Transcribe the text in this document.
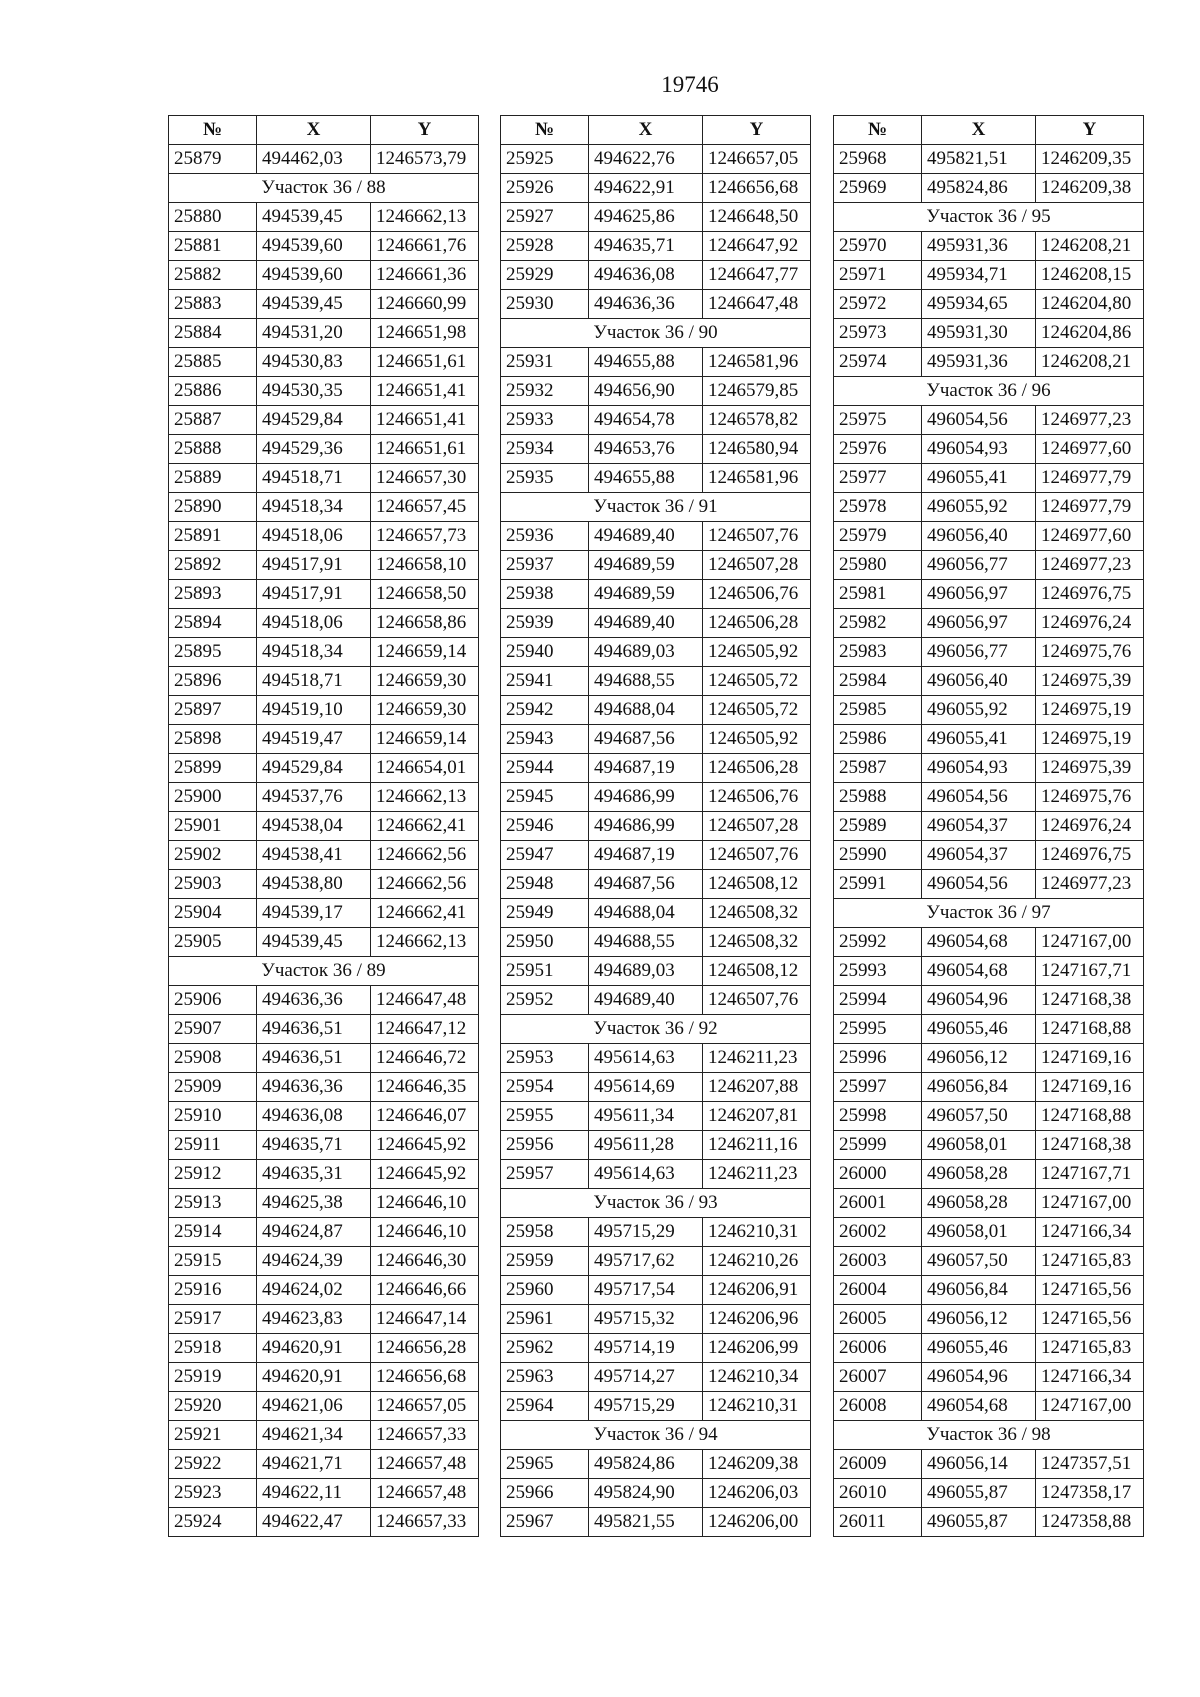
19746
№	X	Y
25879	494462,03	1246573,79
Участок 36 / 88		
25880	494539,45	1246662,13
25881	494539,60	1246661,76
25882	494539,60	1246661,36
25883	494539,45	1246660,99
25884	494531,20	1246651,98
25885	494530,83	1246651,61
25886	494530,35	1246651,41
25887	494529,84	1246651,41
25888	494529,36	1246651,61
25889	494518,71	1246657,30
25890	494518,34	1246657,45
25891	494518,06	1246657,73
25892	494517,91	1246658,10
25893	494517,91	1246658,50
25894	494518,06	1246658,86
25895	494518,34	1246659,14
25896	494518,71	1246659,30
25897	494519,10	1246659,30
25898	494519,47	1246659,14
25899	494529,84	1246654,01
25900	494537,76	1246662,13
25901	494538,04	1246662,41
25902	494538,41	1246662,56
25903	494538,80	1246662,56
25904	494539,17	1246662,41
25905	494539,45	1246662,13
Участок 36 / 89		
25906	494636,36	1246647,48
25907	494636,51	1246647,12
25908	494636,51	1246646,72
25909	494636,36	1246646,35
25910	494636,08	1246646,07
25911	494635,71	1246645,92
25912	494635,31	1246645,92
25913	494625,38	1246646,10
25914	494624,87	1246646,10
25915	494624,39	1246646,30
25916	494624,02	1246646,66
25917	494623,83	1246647,14
25918	494620,91	1246656,28
25919	494620,91	1246656,68
25920	494621,06	1246657,05
25921	494621,34	1246657,33
25922	494621,71	1246657,48
25923	494622,11	1246657,48
25924	494622,47	1246657,33
№	X	Y
25925	494622,76	1246657,05
25926	494622,91	1246656,68
25927	494625,86	1246648,50
25928	494635,71	1246647,92
25929	494636,08	1246647,77
25930	494636,36	1246647,48
Участок 36 / 90		
25931	494655,88	1246581,96
25932	494656,90	1246579,85
25933	494654,78	1246578,82
25934	494653,76	1246580,94
25935	494655,88	1246581,96
Участок 36 / 91		
25936	494689,40	1246507,76
25937	494689,59	1246507,28
25938	494689,59	1246506,76
25939	494689,40	1246506,28
25940	494689,03	1246505,92
25941	494688,55	1246505,72
25942	494688,04	1246505,72
25943	494687,56	1246505,92
25944	494687,19	1246506,28
25945	494686,99	1246506,76
25946	494686,99	1246507,28
25947	494687,19	1246507,76
25948	494687,56	1246508,12
25949	494688,04	1246508,32
25950	494688,55	1246508,32
25951	494689,03	1246508,12
25952	494689,40	1246507,76
Участок 36 / 92		
25953	495614,63	1246211,23
25954	495614,69	1246207,88
25955	495611,34	1246207,81
25956	495611,28	1246211,16
25957	495614,63	1246211,23
Участок 36 / 93		
25958	495715,29	1246210,31
25959	495717,62	1246210,26
25960	495717,54	1246206,91
25961	495715,32	1246206,96
25962	495714,19	1246206,99
25963	495714,27	1246210,34
25964	495715,29	1246210,31
Участок 36 / 94		
25965	495824,86	1246209,38
25966	495824,90	1246206,03
25967	495821,55	1246206,00
№	X	Y
25968	495821,51	1246209,35
25969	495824,86	1246209,38
Участок 36 / 95		
25970	495931,36	1246208,21
25971	495934,71	1246208,15
25972	495934,65	1246204,80
25973	495931,30	1246204,86
25974	495931,36	1246208,21
Участок 36 / 96		
25975	496054,56	1246977,23
25976	496054,93	1246977,60
25977	496055,41	1246977,79
25978	496055,92	1246977,79
25979	496056,40	1246977,60
25980	496056,77	1246977,23
25981	496056,97	1246976,75
25982	496056,97	1246976,24
25983	496056,77	1246975,76
25984	496056,40	1246975,39
25985	496055,92	1246975,19
25986	496055,41	1246975,19
25987	496054,93	1246975,39
25988	496054,56	1246975,76
25989	496054,37	1246976,24
25990	496054,37	1246976,75
25991	496054,56	1246977,23
Участок 36 / 97		
25992	496054,68	1247167,00
25993	496054,68	1247167,71
25994	496054,96	1247168,38
25995	496055,46	1247168,88
25996	496056,12	1247169,16
25997	496056,84	1247169,16
25998	496057,50	1247168,88
25999	496058,01	1247168,38
26000	496058,28	1247167,71
26001	496058,28	1247167,00
26002	496058,01	1247166,34
26003	496057,50	1247165,83
26004	496056,84	1247165,56
26005	496056,12	1247165,56
26006	496055,46	1247165,83
26007	496054,96	1247166,34
26008	496054,68	1247167,00
Участок 36 / 98		
26009	496056,14	1247357,51
26010	496055,87	1247358,17
26011	496055,87	1247358,88
